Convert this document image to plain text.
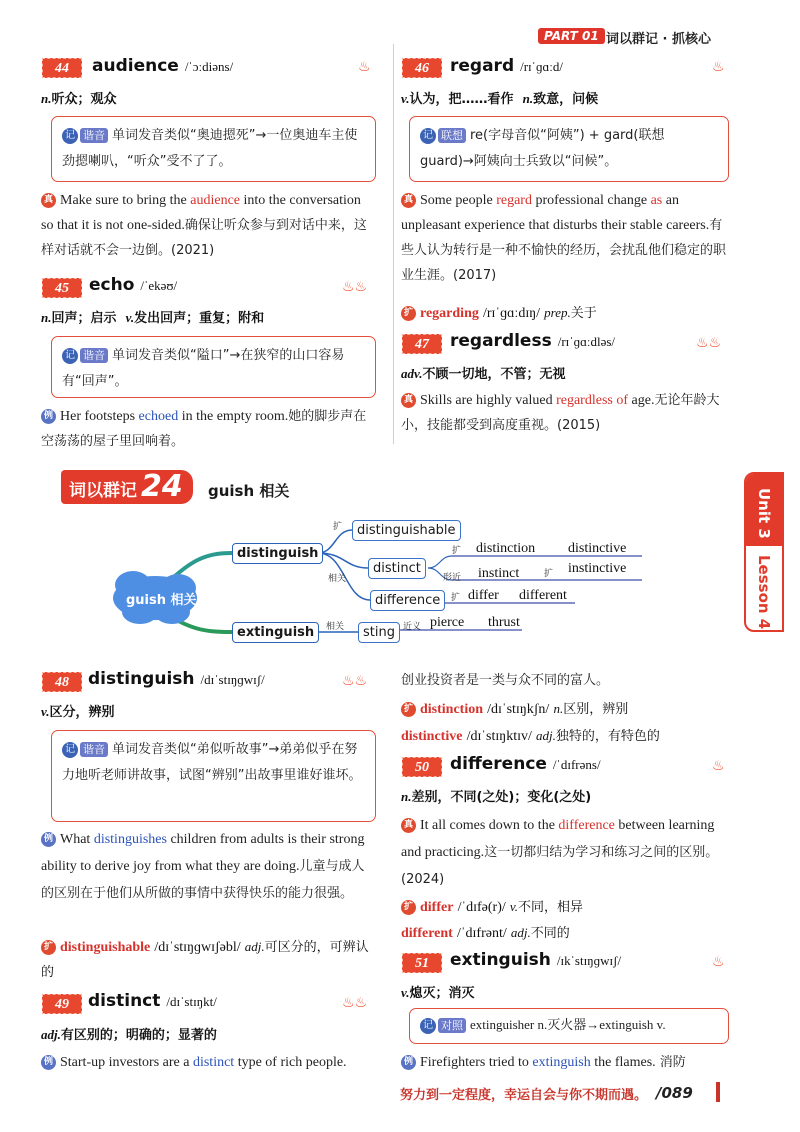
PART 01 词以群记 · 抓核心
44	audience /ˈɔːdiəns/	♨
n.听众；观众
记 谐音 单词发音类似“奥迪摁死”→一位奥迪车主使劲摁喇叭，“听众”受不了了。
真 Make sure to bring the audience into the conversation so that it is not one-sided.确保让听众参与到对话中来，这样对话就不会一边倒。(2021)
45	echo /ˈekəʊ/	♨♨
n.回声；启示 v.发出回声；重复；附和
记 谐音 单词发音类似“隘口”→在狭窄的山口容易有“回声”。
例 Her footsteps echoed in the empty room.她的脚步声在空荡荡的屋子里回响着。
46	regard /rɪˈɡɑːd/	♨
v.认为，把……看作 n.致意，问候
记 联想 re(字母音似“阿姨”) + gard(联想guard)→阿姨向士兵致以“问候”。
真 Some people regard professional change as an unpleasant experience that disturbs their stable careers.有些人认为转行是一种不愉快的经历，会扰乱他们稳定的职业生涯。(2017)
扩 regarding /rɪˈɡɑːdɪŋ/ prep.关于
47	regardless /rɪˈɡɑːdləs/	♨♨
adv.不顾一切地，不管；无视
真 Skills are highly valued regardless of age.无论年龄大小，技能都受到高度重视。(2015)
词以群记 24	guish 相关	Unit 3
Lesson 4
guish 相关
distinguish
extinguish
distinguishable
distinct
difference
sting
扩
相关
相关
扩
扩
形近
扩
近义
distinction distinctive
instinct	instinctive
differ different
pierce thrust
48	distinguish /dɪˈstɪŋɡwɪʃ/	♨♨
v.区分，辨别
记 谐音 单词发音类似“弟似听故事”→弟弟似乎在努力地听老师讲故事，试图“辨别”出故事里谁好谁坏。
例 What distinguishes children from adults is their strong ability to derive joy from what they are doing.儿童与成人的区别在于他们从所做的事情中获得快乐的能力很强。
扩 distinguishable /dɪˈstɪŋɡwɪʃəbl/ adj.可区分的，可辨认的
49	distinct /dɪˈstɪŋkt/	♨♨
adj.有区别的；明确的；显著的
例 Start-up investors are a distinct type of rich people.
创业投资者是一类与众不同的富人。
扩 distinction /dɪˈstɪŋkʃn/ n.区别，辨别
distinctive /dɪˈstɪŋktɪv/ adj.独特的，有特色的
50	difference /ˈdɪfrəns/	♨
n.差别，不同(之处)；变化(之处)
真 It all comes down to the difference between learning and practicing.这一切都归结为学习和练习之间的区别。(2024)
扩 differ /ˈdɪfə(r)/ v.不同，相异
different /ˈdɪfrənt/ adj.不同的
51	extinguish /ɪkˈstɪŋɡwɪʃ/	♨
v.熄灭；消灭
记 对照 extinguisher n.灭火器→extinguish v.
例 Firefighters tried to extinguish the flames. 消防
努力到一定程度，幸运自会与你不期而遇。 /089
